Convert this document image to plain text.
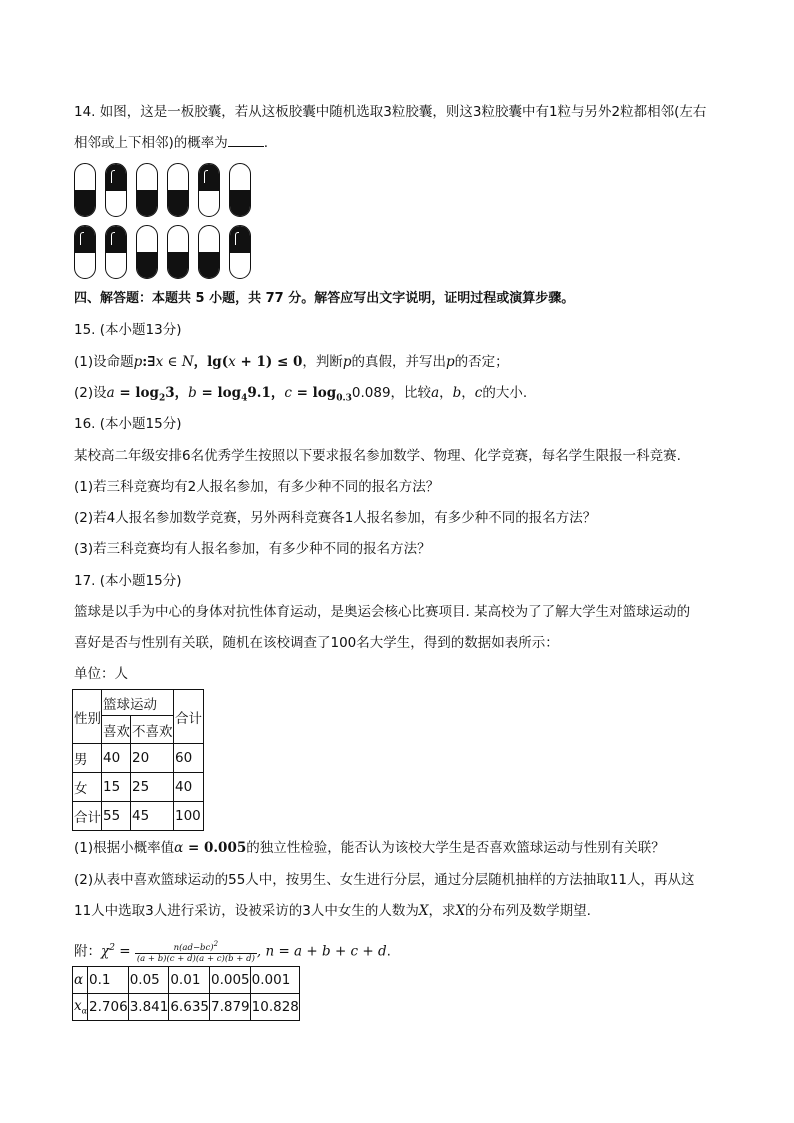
14. 如图，这是一板胶囊，若从这板胶囊中随机选取3粒胶囊，则这3粒胶囊中有1粒与另外2粒都相邻(左右
相邻或上下相邻)的概率为	.
四、解答题：本题共 5 小题，共 77 分。解答应写出文字说明，证明过程或演算步骤。
15. (本小题13分)
(1)设命题p:∃x ∈ N，lg(x + 1) ≤ 0，判断p的真假，并写出p的否定；
(2)设$a = \log_23$，$b = \log_49.1$，$c = \log_{0.3}0.089$，比较a，b，c的大小.
16. (本小题15分)
某校高二年级安排6名优秀学生按照以下要求报名参加数学、物理、化学竞赛，每名学生限报一科竞赛.
(1)若三科竞赛均有2人报名参加，有多少种不同的报名方法？
(2)若4人报名参加数学竞赛，另外两科竞赛各1人报名参加，有多少种不同的报名方法？
(3)若三科竞赛均有人报名参加，有多少种不同的报名方法？
17. (本小题15分)
篮球是以手为中心的身体对抗性体育运动，是奥运会核心比赛项目. 某高校为了了解大学生对篮球运动的
喜好是否与性别有关联，随机在该校调查了100名大学生，得到的数据如表所示：
单位：人
性别	篮球运动		合计
	喜欢	不喜欢	
男	40	20	60
女	15	25	40
合计	55	45	100
(1)根据小概率值α = 0.005的独立性检验，能否认为该校大学生是否喜欢篮球运动与性别有关联？
(2)从表中喜欢篮球运动的55人中，按男生、女生进行分层，通过分层随机抽样的方法抽取11人，再从这
11人中选取3人进行采访，设被采访的3人中女生的人数为X，求X的分布列及数学期望.
附：$\chi^2 = \frac{n(ad-bc)^2}{(a + b)(c + d)(a + c)(b + d)}$ , n = a + b + c + d.
α	0.1	0.05	0.01	0.005	0.001
$x_\alpha$	2.706	3.841	6.635	7.879	10.828
